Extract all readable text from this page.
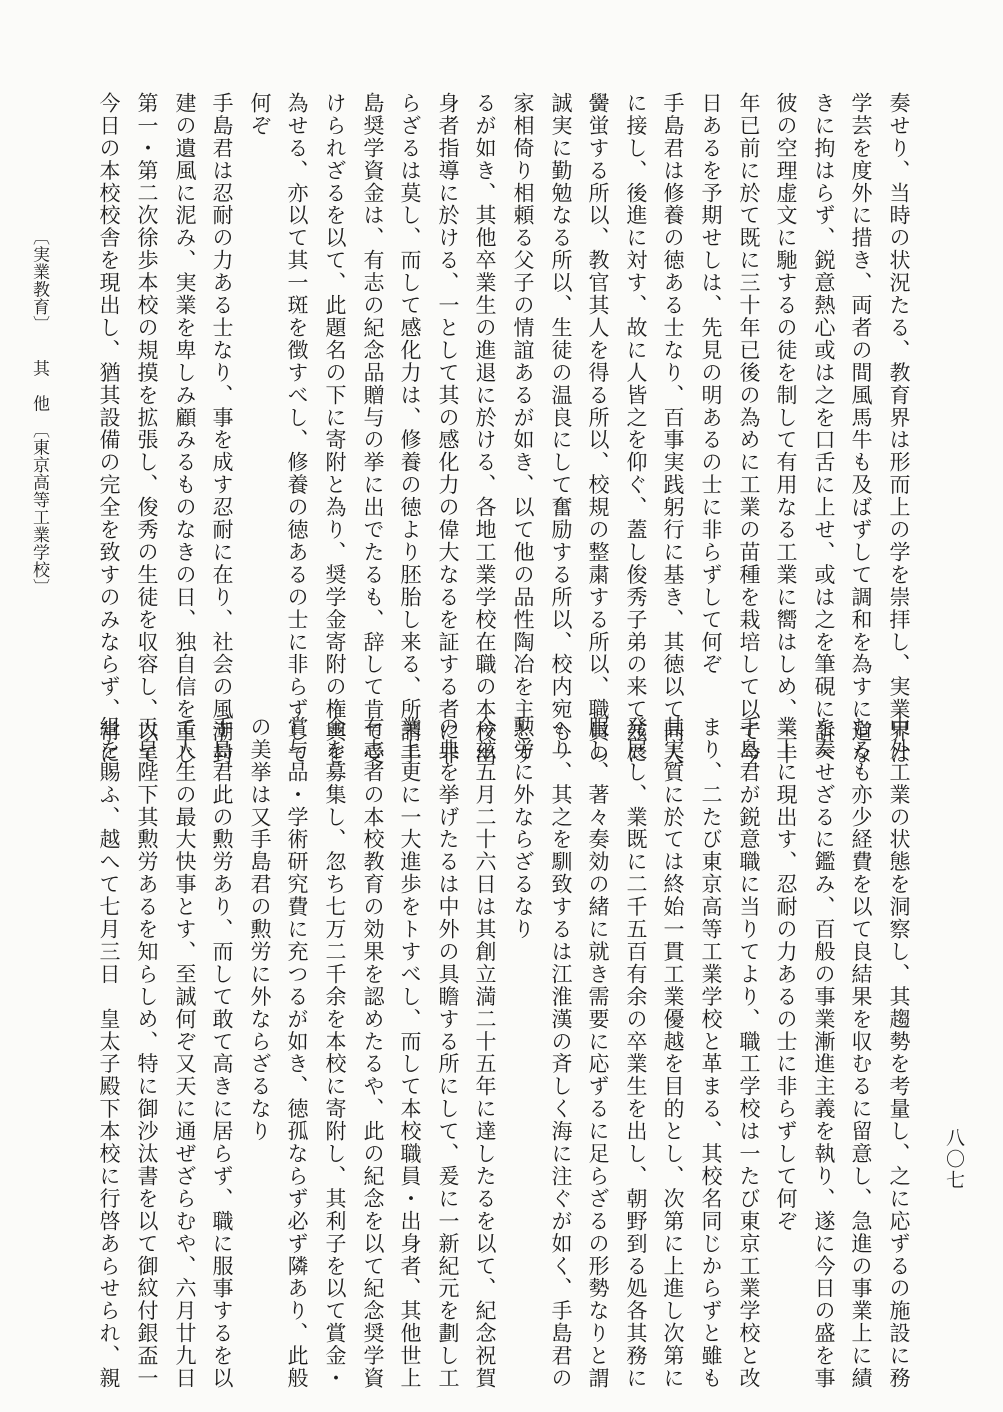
〔実業教育〕　　其　他　〔東京高等工業学校〕
八〇七
奏せり、当時の状況たる、教育界は形而上の学を崇拝し、実業界は
学芸を度外に措き、両者の間風馬牛も及ばずして調和を為すに道な
きに拘はらず、鋭意熱心或は之を口舌に上せ、或は之を筆硯に訴へ
彼の空理虚文に馳するの徒を制して有用なる工業に嚮はしめ、三十
年已前に於て既に三十年已後の為めに工業の苗種を栽培して以て今
日あるを予期せしは、先見の明あるの士に非らずして何ぞ
手島君は修養の徳ある士なり、百事実践躬行に基き、其徳以て同人
に接し、後進に対す、故に人皆之を仰ぐ、蓋し俊秀子弟の来て玆に
黌蛍する所以、教官其人を得る所以、校規の整粛する所以、職員の
誠実に勤勉なる所以、生徒の温良にして奮励する所以、校内宛も一
家相倚り相頼る父子の情誼あるが如き、以て他の品性陶冶を主とす
るが如き、其他卒業生の進退に於ける、各地工業学校在職の本校出
身者指導に於ける、一として其の感化力の偉大なるを証する者に非
らざるは莫し、而して感化力は、修養の徳より胚胎し来る、所謂手
島奨学資金は、有志の紀念品贈与の挙に出でたるも、辞して肯て受
けられざるを以て、此題名の下に寄附と為り、奨学金寄附の権輿を
為せる、亦以て其一斑を徴すべし、修養の徳あるの士に非らずして
何ぞ
手島君は忍耐の力ある士なり、事を成す忍耐に在り、社会の風潮封
建の遺風に泥み、実業を卑しみ顧みるものなきの日、独自信を重じ
第一・第二次徐歩本校の規摸を拡張し、俊秀の生徒を収容し、以て
今日の本校校舎を現出し、猶其設備の完全を致すのみならず、常に
中外工業の状態を洞察し、其趨勢を考量し、之に応ずるの施設に務
むるも亦少経費を以て良結果を収むるに留意し、急進の事業上に績
を奏せざるに鑑み、百般の事業漸進主義を執り、遂に今日の盛を事
業上に現出す、忍耐の力あるの士に非らずして何ぞ
手島君が鋭意職に当りてより、職工学校は一たび東京工業学校と改
まり、二たび東京高等工業学校と革まる、其校名同じからずと雖も
其実質に於ては終始一貫工業優越を目的とし、次第に上進し次第に
発展し、業既に二千五百有余の卒業生を出し、朝野到る処各其務に
服し、著々奏効の緒に就き需要に応ずるに足らざるの形勢なりと謂
へり、其之を馴致するは江淮漢の斉しく海に注ぐが如く、手島君の
勲労に外ならざるなり
今玆五月二十六日は其創立満二十五年に達したるを以て、紀念祝賀
の典を挙げたるは中外の具瞻する所にして、爰に一新紀元を劃し工
業上更に一大進歩をトすべし、而して本校職員・出身者、其他世上
有志者の本校教育の効果を認めたるや、此の紀念を以て紀念奨学資
金を募集し、忽ち七万二千余を本校に寄附し、其利子を以て賞金・
賞与品・学術研究費に充つるが如き、徳孤ならず必ず隣あり、此般
の美挙は又手島君の勲労に外ならざるなり
手島君此の勲労あり、而して敢て高きに居らず、職に服事するを以
て人生の最大快事とす、至誠何ぞ又天に通ぜざらむや、六月廿九日
天皇陛下其勲労あるを知らしめ、特に御沙汰書を以て御紋付銀盃一
組を賜ふ、越へて七月三日　皇太子殿下本校に行啓あらせられ、親
